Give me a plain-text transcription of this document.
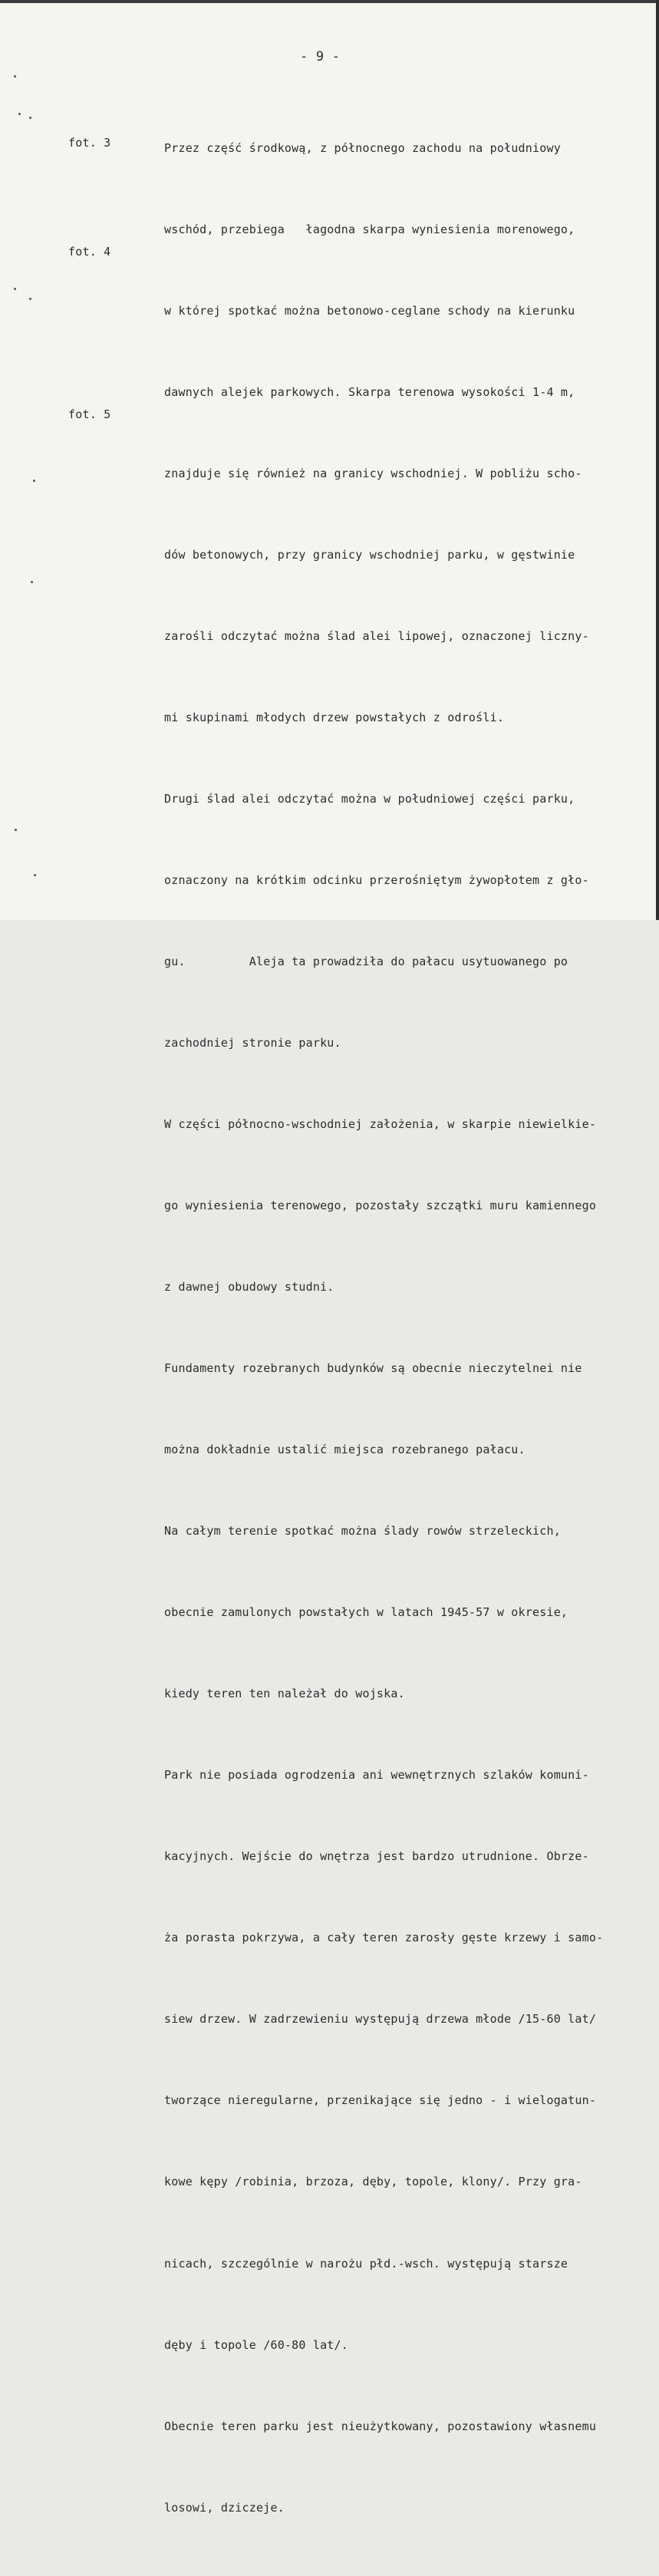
- 9 -
fot. 3
fot. 4
fot. 5

Przez część środkową, z północnego zachodu na południowy

wschód, przebiega   łagodna skarpa wyniesienia morenowego,

w której spotkać można betonowo-ceglane schody na kierunku

dawnych alejek parkowych. Skarpa terenowa wysokości 1-4 m,

znajduje się również na granicy wschodniej. W pobliżu scho-

dów betonowych, przy granicy wschodniej parku, w gęstwinie

zarośli odczytać można ślad alei lipowej, oznaczonej liczny-

mi skupinami młodych drzew powstałych z odrośli.

Drugi ślad alei odczytać można w południowej części parku,

oznaczony na krótkim odcinku przerośniętym żywopłotem z gło-

gu.         Aleja ta prowadziła do pałacu usytuowanego po

zachodniej stronie parku.

W części północno-wschodniej założenia, w skarpie niewielkie-

go wyniesienia terenowego, pozostały szczątki muru kamiennego

z dawnej obudowy studni.

Fundamenty rozebranych budynków są obecnie nieczytelnei nie

można dokładnie ustalić miejsca rozebranego pałacu.

Na całym terenie spotkać można ślady rowów strzeleckich,

obecnie zamulonych powstałych w latach 1945-57 w okresie,

kiedy teren ten należał do wojska.

Park nie posiada ogrodzenia ani wewnętrznych szlaków komuni-

kacyjnych. Wejście do wnętrza jest bardzo utrudnione. Obrze-

ża porasta pokrzywa, a cały teren zarosły gęste krzewy i samo-

siew drzew. W zadrzewieniu występują drzewa młode /15-60 lat/

tworzące nieregularne, przenikające się jedno - i wielogatun-

kowe kępy /robinia, brzoza, dęby, topole, klony/. Przy gra-

nicach, szczególnie w narożu płd.-wsch. występują starsze

dęby i topole /60-80 lat/.

Obecnie teren parku jest nieużytkowany, pozostawiony własnemu

losowi, dziczeje.
